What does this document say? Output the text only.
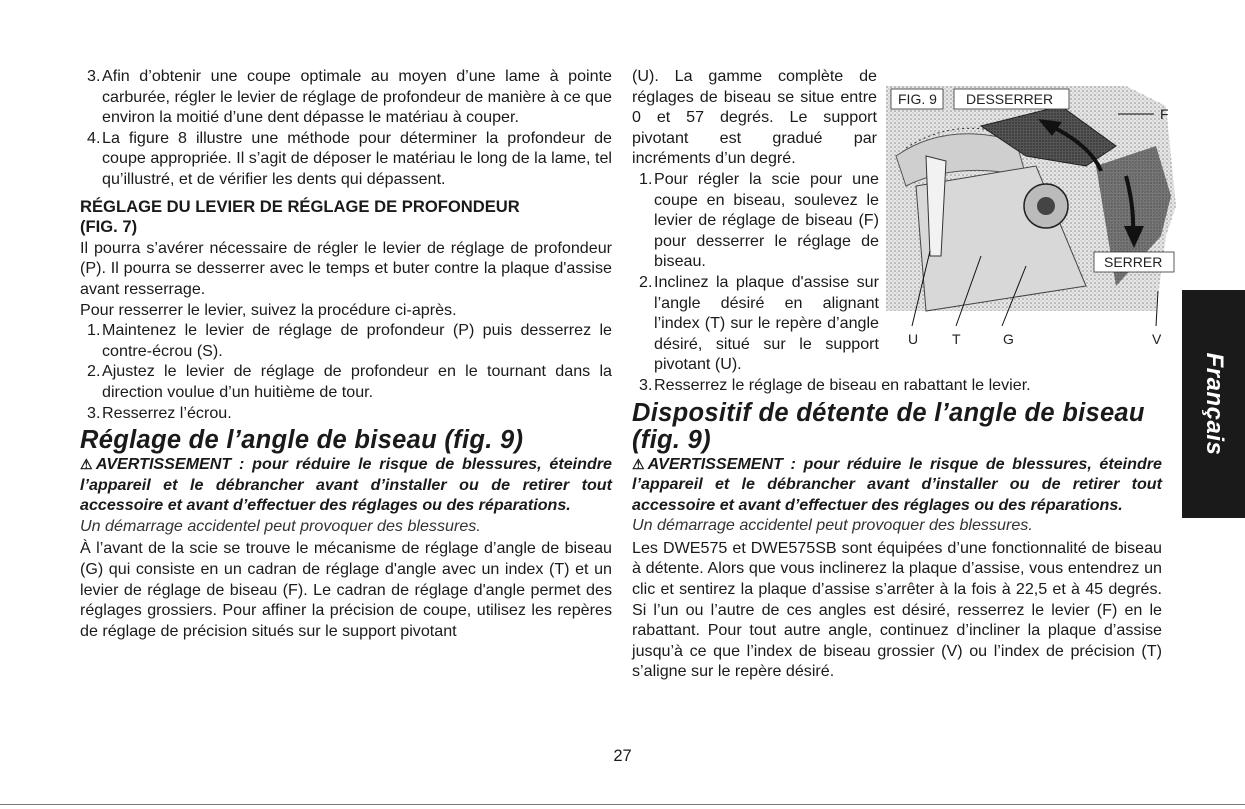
3. Afin d’obtenir une coupe optimale au moyen d’une lame à pointe carburée, régler le levier de réglage de profondeur de manière à ce que environ la moitié d’une dent dépasse le matériau à couper.
4. La figure 8 illustre une méthode pour déterminer la profondeur de coupe appropriée. Il s’agit de déposer le matériau le long de la lame, tel qu’illustré, et de vérifier les dents qui dépassent.
RÉGLAGE DU LEVIER DE RÉGLAGE DE PROFONDEUR
(FIG. 7)

Il pourra s’avérer nécessaire de régler le levier de réglage de profondeur (P). Il pourra se desserrer avec le temps et buter contre la plaque d'assise avant resserrage.

Pour resserrer le levier, suivez la procédure ci-après.

1. Maintenez le levier de réglage de profondeur (P) puis desserrez le contre-écrou (S).
2. Ajustez le levier de réglage de profondeur en le tournant dans la direction voulue d’un huitième de tour.
3. Resserrez l’écrou.
Réglage de l’angle de biseau (fig. 9)

⚠AVERTISSEMENT : pour réduire le risque de blessures, éteindre l’appareil et le débrancher avant d’installer ou de retirer tout accessoire et avant d’effectuer des réglages ou des réparations.

Un démarrage accidentel peut provoquer des blessures.

À l’avant de la scie se trouve le mécanisme de réglage d’angle de biseau (G) qui consiste en un cadran de réglage d'angle avec un index (T) et un levier de réglage de biseau (F). Le cadran de réglage d'angle permet des réglages grossiers. Pour affiner la précision de coupe, utilisez les repères de réglage de précision situés sur le support pivotant

(U). La gamme complète de réglages de biseau se situe entre 0 et 57 degrés. Le support pivotant est gradué par incréments d’un degré.

1. Pour régler la scie pour une coupe en biseau, soulevez le levier de réglage de biseau (F) pour desserrer le réglage de biseau.
2. Inclinez la plaque d'assise sur l’angle désiré en alignant l’index (T) sur le repère d’angle désiré, situé sur le support pivotant (U).
3. Resserrez le réglage de biseau en rabattant le levier.
Dispositif de détente de l’angle de biseau (fig. 9)

⚠AVERTISSEMENT : pour réduire le risque de blessures, éteindre l’appareil et le débrancher avant d’installer ou de retirer tout accessoire et avant d’effectuer des réglages ou des réparations.

Un démarrage accidentel peut provoquer des blessures.

Les DWE575 et DWE575SB sont équipées d’une fonctionnalité de biseau à détente. Alors que vous inclinerez la plaque d’assise, vous entendrez un clic et sentirez la plaque d’assise s’arrêter à la fois à 22,5 et à 45 degrés. Si l’un ou l’autre de ces angles est désiré, resserrez le levier (F) en le rabattant. Pour tout autre angle, continuez d’incliner la plaque d’assise jusqu’à ce que l’index de biseau grossier (V) ou l’index de précision (T) s’aligne sur le repère désiré.

FIG. 9 DESSERRER
SERRER
F
U T	G	V
Français
27
